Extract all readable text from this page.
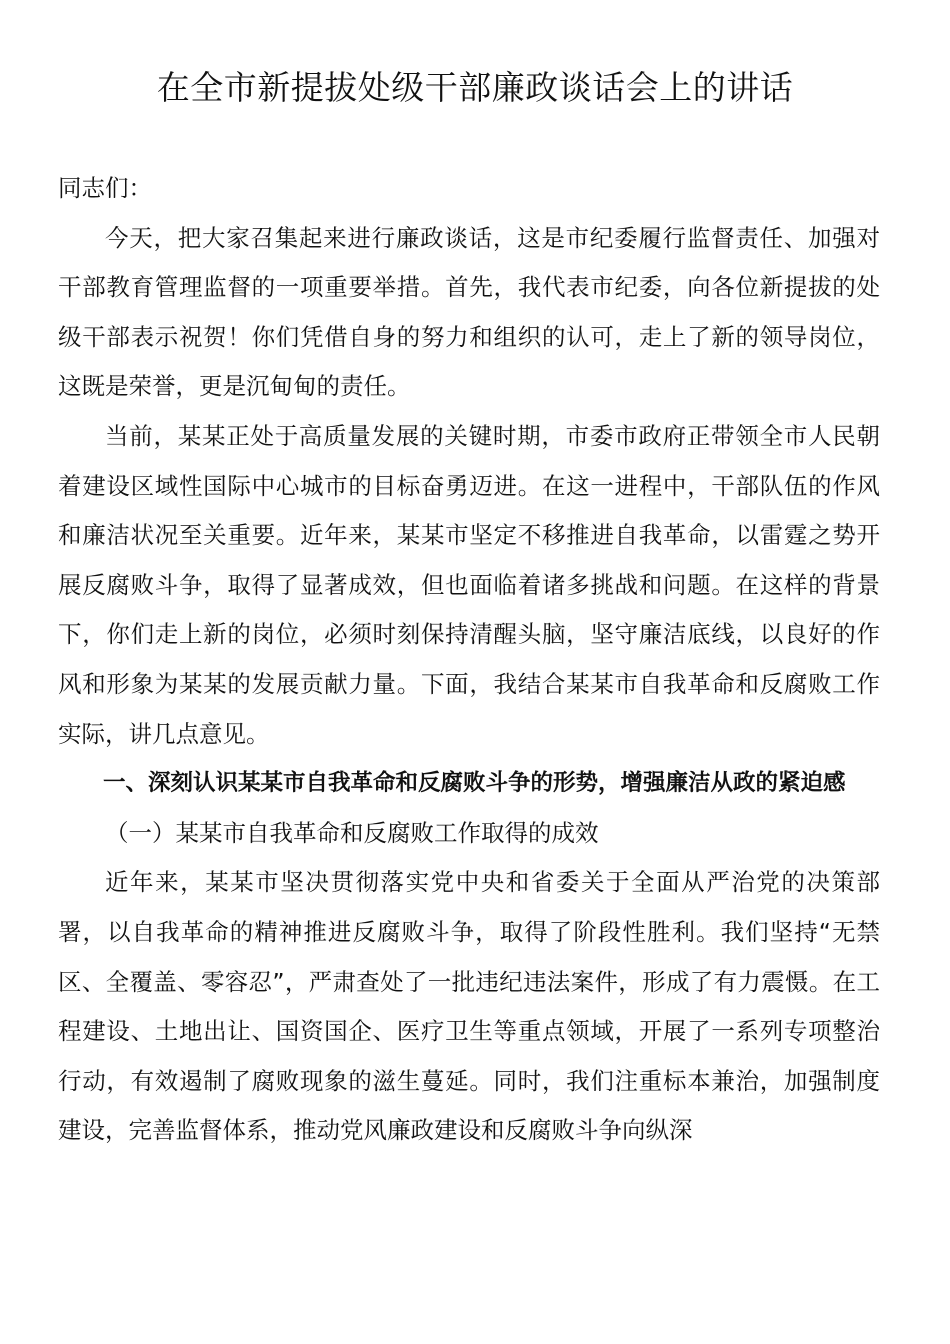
在全市新提拔处级干部廉政谈话会上的讲话

同志们：

今天，把大家召集起来进行廉政谈话，这是市纪委履行监督责任、加强对干部教育管理监督的一项重要举措。首先，我代表市纪委，向各位新提拔的处级干部表示祝贺！你们凭借自身的努力和组织的认可，走上了新的领导岗位，这既是荣誉，更是沉甸甸的责任。

当前，某某正处于高质量发展的关键时期，市委市政府正带领全市人民朝着建设区域性国际中心城市的目标奋勇迈进。在这一进程中，干部队伍的作风和廉洁状况至关重要。近年来，某某市坚定不移推进自我革命，以雷霆之势开展反腐败斗争，取得了显著成效，但也面临着诸多挑战和问题。在这样的背景下，你们走上新的岗位，必须时刻保持清醒头脑，坚守廉洁底线，以良好的作风和形象为某某的发展贡献力量。下面，我结合某某市自我革命和反腐败工作实际，讲几点意见。

一、深刻认识某某市自我革命和反腐败斗争的形势，增强廉洁从政的紧迫感

（一）某某市自我革命和反腐败工作取得的成效

近年来，某某市坚决贯彻落实党中央和省委关于全面从严治党的决策部署，以自我革命的精神推进反腐败斗争，取得了阶段性胜利。我们坚持“无禁区、全覆盖、零容忍”，严肃查处了一批违纪违法案件，形成了有力震慑。在工程建设、土地出让、国资国企、医疗卫生等重点领域，开展了一系列专项整治行动，有效遏制了腐败现象的滋生蔓延。同时，我们注重标本兼治，加强制度建设，完善监督体系，推动党风廉政建设和反腐败斗争向纵深
